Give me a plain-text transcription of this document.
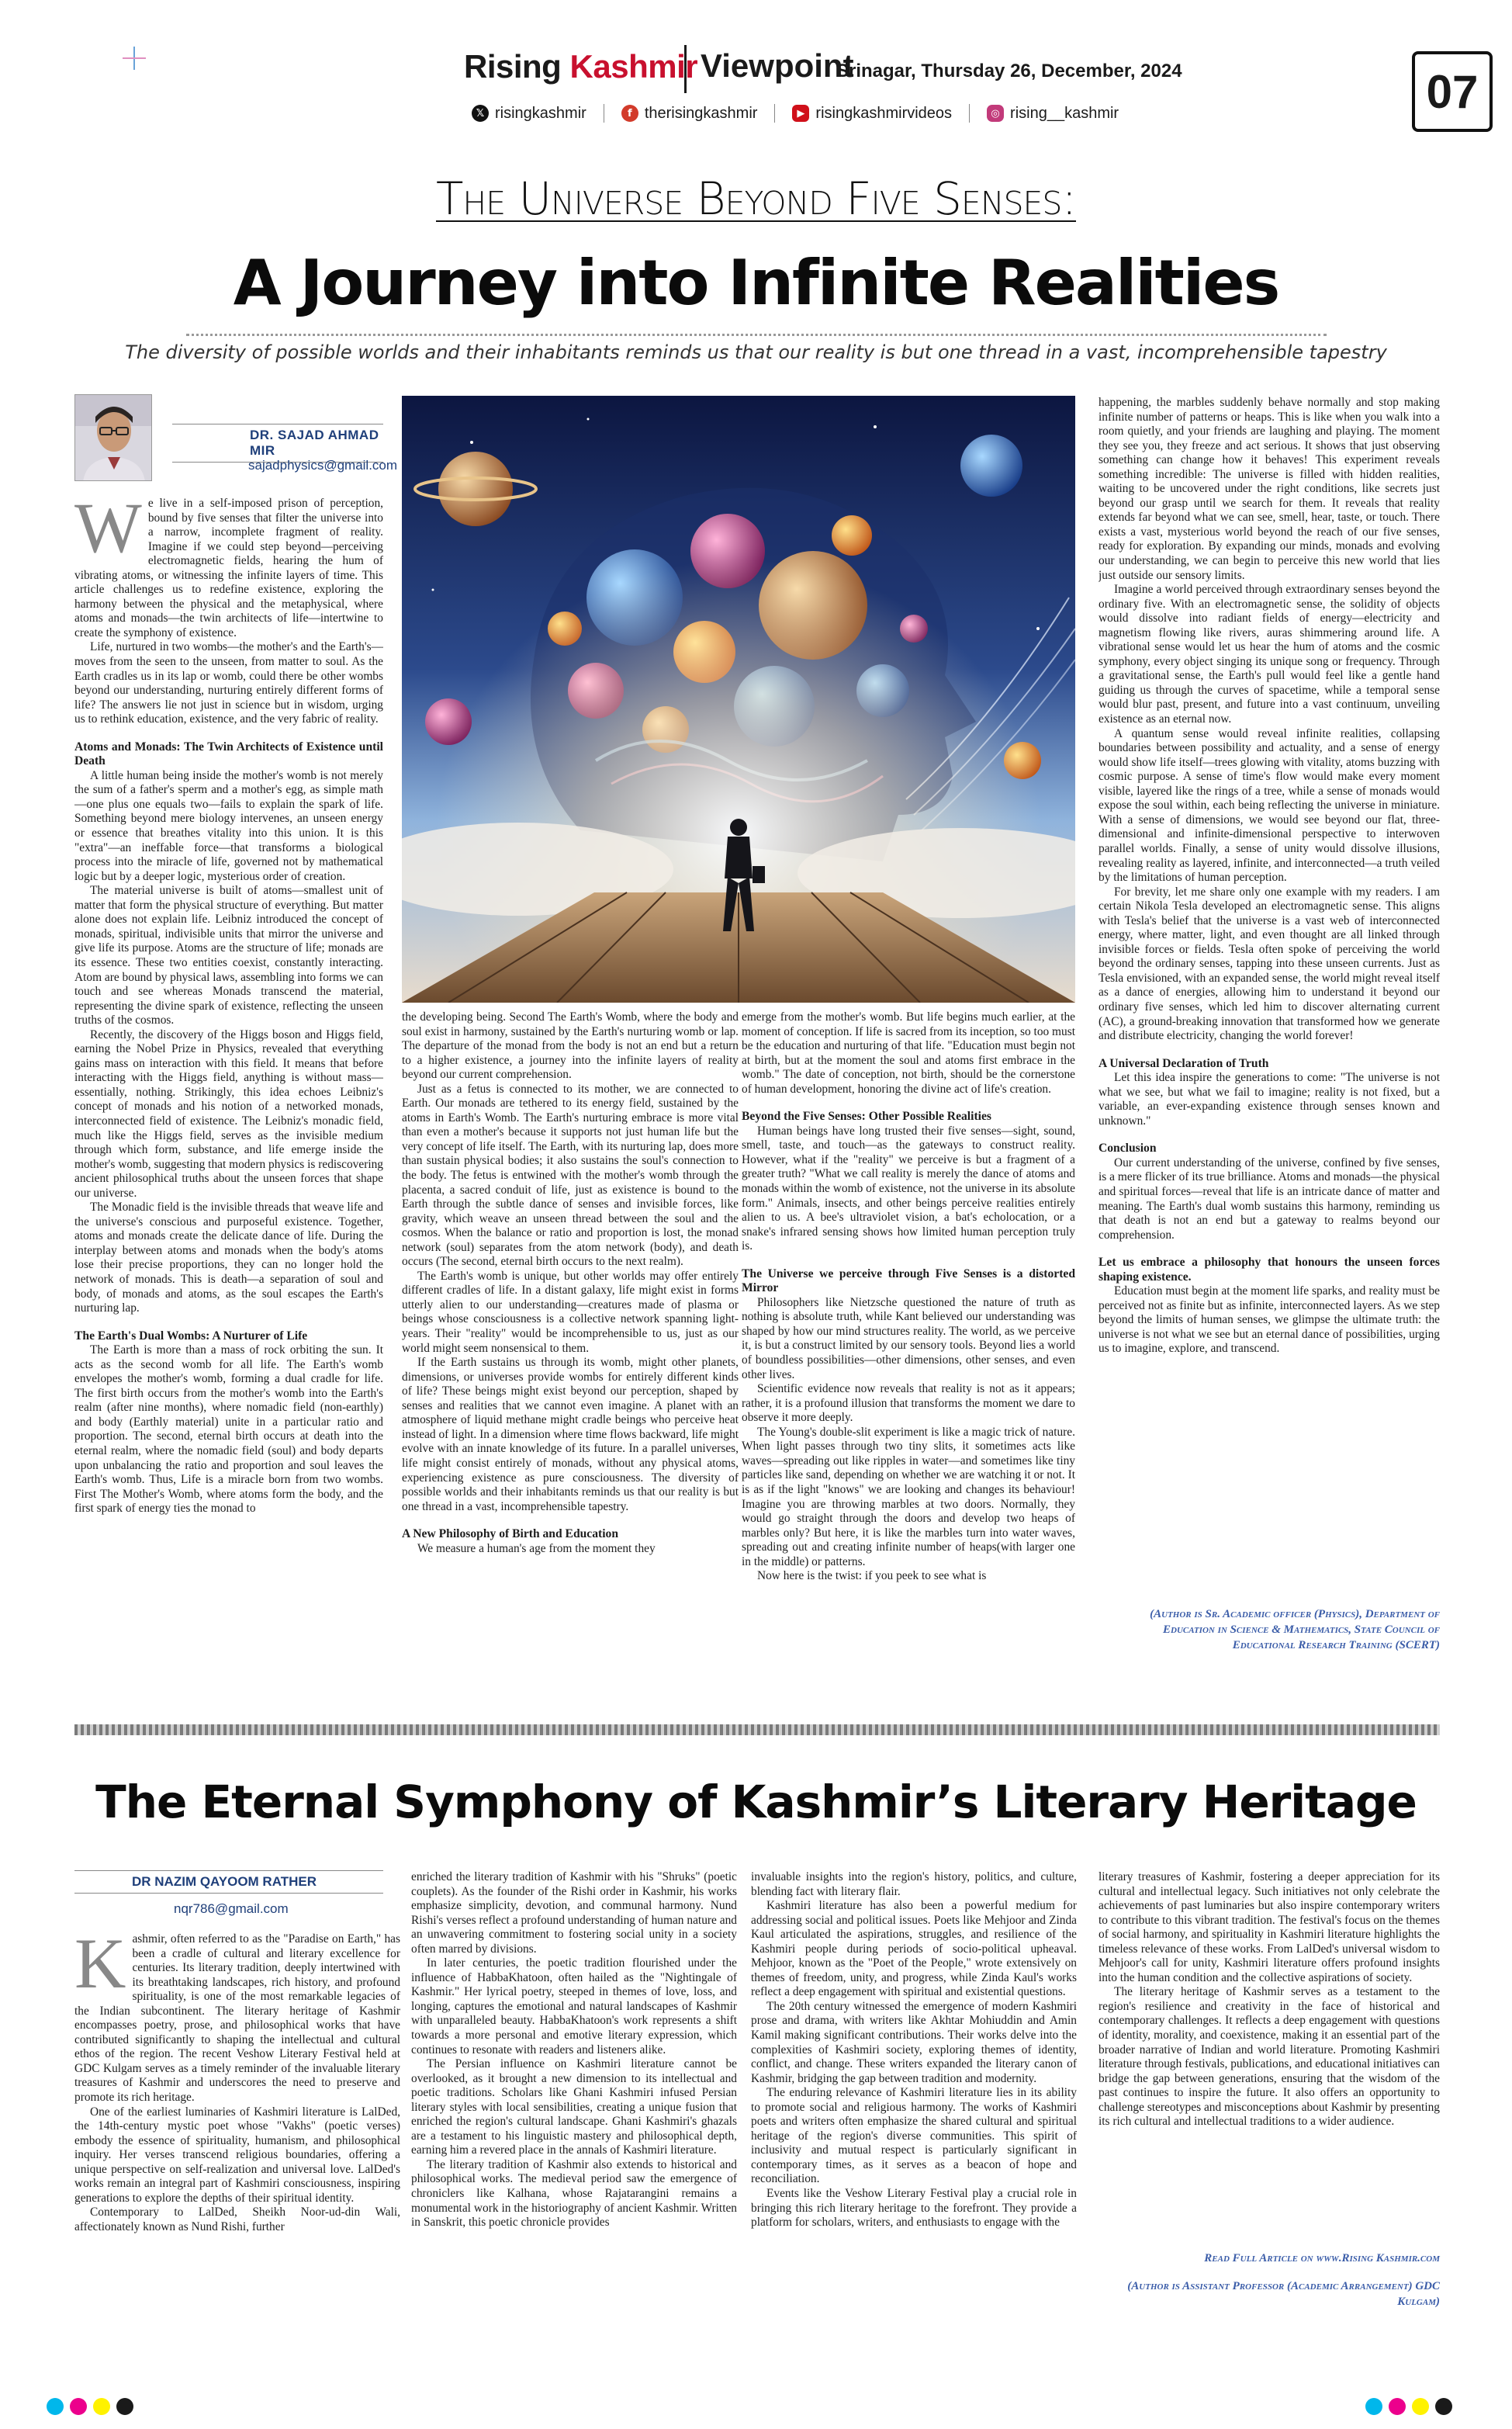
Rising Kashmir Viewpoint
Srinagar, Thursday 26, December, 2024
𝕏 risingkashmir	f therisingkashmir	▶ risingkashmirvideos	◎ rising__kashmir	07
The Universe Beyond Five Senses:
A Journey into Infinite Realities
The diversity of possible worlds and their inhabitants reminds us that our reality is but one thread in a vast, incomprehensible tapestry
DR. SAJAD AHMAD MIR
sajadphysics@gmail.com

We live in a self-imposed prison of perception, bound by five senses that filter the universe into a narrow, incomplete fragment of reality. Imagine if we could step beyond—perceiving electromagnetic fields, hearing the hum of vibrating atoms, or witnessing the infinite layers of time. This article challenges us to redefine existence, exploring the harmony between the physical and the metaphysical, where atoms and monads—the twin architects of life—intertwine to create the symphony of existence.

Life, nurtured in two wombs—the mother's and the Earth's—moves from the seen to the unseen, from matter to soul. As the Earth cradles us in its lap or womb, could there be other wombs beyond our understanding, nurturing entirely different forms of life? The answers lie not just in science but in wisdom, urging us to rethink education, existence, and the very fabric of reality.

Atoms and Monads: The Twin Architects of Existence until Death

A little human being inside the mother's womb is not merely the sum of a father's sperm and a mother's egg, as simple math—one plus one equals two—fails to explain the spark of life. Something beyond mere biology intervenes, an unseen energy or essence that breathes vitality into this union. It is this "extra"—an ineffable force—that transforms a biological process into the miracle of life, governed not by mathematical logic but by a deeper logic, mysterious order of creation.

The material universe is built of atoms—smallest unit of matter that form the physical structure of everything. But matter alone does not explain life. Leibniz introduced the concept of monads, spiritual, indivisible units that mirror the universe and give life its purpose. Atoms are the structure of life; monads are its essence. These two entities coexist, constantly interacting. Atom are bound by physical laws, assembling into forms we can touch and see whereas Monads transcend the material, representing the divine spark of existence, reflecting the unseen truths of the cosmos.

Recently, the discovery of the Higgs boson and Higgs field, earning the Nobel Prize in Physics, revealed that everything gains mass on interaction with this field. It means that before interacting with the Higgs field, anything is without mass—essentially, nothing. Strikingly, this idea echoes Leibniz's concept of monads and his notion of a networked monads, interconnected field of existence. The Leibniz's monadic field, much like the Higgs field, serves as the invisible medium through which form, substance, and life emerge inside the mother's womb, suggesting that modern physics is rediscovering ancient philosophical truths about the unseen forces that shape our universe.

The Monadic field is the invisible threads that weave life and the universe's conscious and purposeful existence. Together, atoms and monads create the delicate dance of life. During the interplay between atoms and monads when the body's atoms lose their precise proportions, they can no longer hold the network of monads. This is death—a separation of soul and body, of monads and atoms, as the soul escapes the Earth's nurturing lap.

The Earth's Dual Wombs: A Nurturer of Life

The Earth is more than a mass of rock orbiting the sun. It acts as the second womb for all life. The Earth's womb envelopes the mother's womb, forming a dual cradle for life. The first birth occurs from the mother's womb into the Earth's realm (after nine months), where nomadic field (non-earthly) and body (Earthly material) unite in a particular ratio and proportion. The second, eternal birth occurs at death into the eternal realm, where the nomadic field (soul) and body departs upon unbalancing the ratio and proportion and soul leaves the Earth's womb. Thus, Life is a miracle born from two wombs. First The Mother's Womb, where atoms form the body, and the first spark of energy ties the monad to

the developing being. Second The Earth's Womb, where the body and soul exist in harmony, sustained by the Earth's nurturing womb or lap. The departure of the monad from the body is not an end but a return to a higher existence, a journey into the infinite layers of reality beyond our current comprehension.

Just as a fetus is connected to its mother, we are connected to Earth. Our monads are tethered to its energy field, sustained by the atoms in Earth's Womb. The Earth's nurturing embrace is more vital than even a mother's because it supports not just human life but the very concept of life itself. The Earth, with its nurturing lap, does more than sustain physical bodies; it also sustains the soul's connection to the body. The fetus is entwined with the mother's womb through the placenta, a sacred conduit of life, just as existence is bound to the Earth through the subtle dance of senses and invisible forces, like gravity, which weave an unseen thread between the soul and the cosmos. When the balance or ratio and proportion is lost, the monad network (soul) separates from the atom network (body), and death occurs (The second, eternal birth occurs to the next realm).

The Earth's womb is unique, but other worlds may offer entirely different cradles of life. In a distant galaxy, life might exist in forms utterly alien to our understanding—creatures made of plasma or beings whose consciousness is a collective network spanning light-years. Their "reality" would be incomprehensible to us, just as our world might seem nonsensical to them.

If the Earth sustains us through its womb, might other planets, dimensions, or universes provide wombs for entirely different kinds of life? These beings might exist beyond our perception, shaped by senses and realities that we cannot even imagine. A planet with an atmosphere of liquid methane might cradle beings who perceive heat instead of light. In a dimension where time flows backward, life might evolve with an innate knowledge of its future. In a parallel universes, life might consist entirely of monads, without any physical atoms, experiencing existence as pure consciousness. The diversity of possible worlds and their inhabitants reminds us that our reality is but one thread in a vast, incomprehensible tapestry.

A New Philosophy of Birth and Education

We measure a human's age from the moment they

emerge from the mother's womb. But life begins much earlier, at the moment of conception. If life is sacred from its inception, so too must be the education and nurturing of that life. "Education must begin not at birth, but at the moment the soul and atoms first embrace in the womb." The date of conception, not birth, should be the cornerstone of human development, honoring the divine act of life's creation.

Beyond the Five Senses: Other Possible Realities

Human beings have long trusted their five senses—sight, sound, smell, taste, and touch—as the gateways to construct reality. However, what if the "reality" we perceive is but a fragment of a greater truth? "What we call reality is merely the dance of atoms and monads within the womb of existence, not the universe in its absolute form." Animals, insects, and other beings perceive realities entirely alien to us. A bee's ultraviolet vision, a bat's echolocation, or a snake's infrared sensing shows how limited human perception truly is.

The Universe we perceive through Five Senses is a distorted Mirror

Philosophers like Nietzsche questioned the nature of truth as nothing is absolute truth, while Kant believed our understanding was shaped by how our mind structures reality. The world, as we perceive it, is but a construct limited by our sensory tools. Beyond lies a world of boundless possibilities—other dimensions, other senses, and even other lives.

Scientific evidence now reveals that reality is not as it appears; rather, it is a profound illusion that transforms the moment we dare to observe it more deeply.

The Young's double-slit experiment is like a magic trick of nature. When light passes through two tiny slits, it sometimes acts like waves—spreading out like ripples in water—and sometimes like tiny particles like sand, depending on whether we are watching it or not. It is as if the light "knows" we are looking and changes its behaviour! Imagine you are throwing marbles at two doors. Normally, they would go straight through the doors and develop two heaps of marbles only? But here, it is like the marbles turn into water waves, spreading out and creating infinite number of heaps(with larger one in the middle) or patterns.

Now here is the twist: if you peek to see what is

happening, the marbles suddenly behave normally and stop making infinite number of patterns or heaps. This is like when you walk into a room quietly, and your friends are laughing and playing. The moment they see you, they freeze and act serious. It shows that just observing something can change how it behaves! This experiment reveals something incredible: The universe is filled with hidden realities, waiting to be uncovered under the right conditions, like secrets just beyond our grasp until we search for them. It reveals that reality extends far beyond what we can see, smell, hear, taste, or touch. There exists a vast, mysterious world beyond the reach of our five senses, ready for exploration. By expanding our minds, monads and evolving our understanding, we can begin to perceive this new world that lies just outside our sensory limits.

Imagine a world perceived through extraordinary senses beyond the ordinary five. With an electromagnetic sense, the solidity of objects would dissolve into radiant fields of energy—electricity and magnetism flowing like rivers, auras shimmering around life. A vibrational sense would let us hear the hum of atoms and the cosmic symphony, every object singing its unique song or frequency. Through a gravitational sense, the Earth's pull would feel like a gentle hand guiding us through the curves of spacetime, while a temporal sense would blur past, present, and future into a vast continuum, unveiling existence as an eternal now.

A quantum sense would reveal infinite realities, collapsing boundaries between possibility and actuality, and a sense of energy would show life itself—trees glowing with vitality, atoms buzzing with cosmic purpose. A sense of time's flow would make every moment visible, layered like the rings of a tree, while a sense of monads would expose the soul within, each being reflecting the universe in miniature. With a sense of dimensions, we would see beyond our flat, three-dimensional and infinite-dimensional perspective to interwoven parallel worlds. Finally, a sense of unity would dissolve illusions, revealing reality as layered, infinite, and interconnected—a truth veiled by the limitations of human perception.

For brevity, let me share only one example with my readers. I am certain Nikola Tesla developed an electromagnetic sense. This aligns with Tesla's belief that the universe is a vast web of interconnected energy, where matter, light, and even thought are all linked through invisible forces or fields. Tesla often spoke of perceiving the world beyond the ordinary senses, tapping into these unseen currents. Just as Tesla envisioned, with an expanded sense, the world might reveal itself as a dance of energies, allowing him to understand it beyond our ordinary five senses, which led him to discover alternating current (AC), a ground-breaking innovation that transformed how we generate and distribute electricity, changing the world forever!

A Universal Declaration of Truth

Let this idea inspire the generations to come: "The universe is not what we see, but what we fail to imagine; reality is not fixed, but a variable, an ever-expanding existence through senses known and unknown."

Conclusion

Our current understanding of the universe, confined by five senses, is a mere flicker of its true brilliance. Atoms and monads—the physical and spiritual forces—reveal that life is an intricate dance of matter and meaning. The Earth's dual womb sustains this harmony, reminding us that death is not an end but a gateway to realms beyond our comprehension.

Let us embrace a philosophy that honours the unseen forces shaping existence.

Education must begin at the moment life sparks, and reality must be perceived not as finite but as infinite, interconnected layers. As we step beyond the limits of human senses, we glimpse the ultimate truth: the universe is not what we see but an eternal dance of possibilities, urging us to imagine, explore, and transcend.

(Author is Sr. Academic officer (Physics), Department of Education in Science & Mathematics, State Council of Educational Research Training (SCERT)
The Eternal Symphony of Kashmir’s Literary Heritage
DR NAZIM QAYOOM RATHER
nqr786@gmail.com

Kashmir, often referred to as the "Paradise on Earth," has been a cradle of cultural and literary excellence for centuries. Its literary tradition, deeply intertwined with its breathtaking landscapes, rich history, and profound spirituality, is one of the most remarkable legacies of the Indian subcontinent. The literary heritage of Kashmir encompasses poetry, prose, and philosophical works that have contributed significantly to shaping the intellectual and cultural ethos of the region. The recent Veshow Literary Festival held at GDC Kulgam serves as a timely reminder of the invaluable literary treasures of Kashmir and underscores the need to preserve and promote its rich heritage.

One of the earliest luminaries of Kashmiri literature is LalDed, the 14th-century mystic poet whose "Vakhs" (poetic verses) embody the essence of spirituality, humanism, and philosophical inquiry. Her verses transcend religious boundaries, offering a unique perspective on self-realization and universal love. LalDed's works remain an integral part of Kashmiri consciousness, inspiring generations to explore the depths of their spiritual identity.

Contemporary to LalDed, Sheikh Noor-ud-din Wali, affectionately known as Nund Rishi, further

enriched the literary tradition of Kashmir with his "Shruks" (poetic couplets). As the founder of the Rishi order in Kashmir, his works emphasize simplicity, devotion, and communal harmony. Nund Rishi's verses reflect a profound understanding of human nature and an unwavering commitment to fostering social unity in a society often marred by divisions.

In later centuries, the poetic tradition flourished under the influence of HabbaKhatoon, often hailed as the "Nightingale of Kashmir." Her lyrical poetry, steeped in themes of love, loss, and longing, captures the emotional and natural landscapes of Kashmir with unparalleled beauty. HabbaKhatoon's work represents a shift towards a more personal and emotive literary expression, which continues to resonate with readers and listeners alike.

The Persian influence on Kashmiri literature cannot be overlooked, as it brought a new dimension to its intellectual and poetic traditions. Scholars like Ghani Kashmiri infused Persian literary styles with local sensibilities, creating a unique fusion that enriched the region's cultural landscape. Ghani Kashmiri's ghazals are a testament to his linguistic mastery and philosophical depth, earning him a revered place in the annals of Kashmiri literature.

The literary tradition of Kashmir also extends to historical and philosophical works. The medieval period saw the emergence of chroniclers like Kalhana, whose Rajatarangini remains a monumental work in the historiography of ancient Kashmir. Written in Sanskrit, this poetic chronicle provides

invaluable insights into the region's history, politics, and culture, blending fact with literary flair.

Kashmiri literature has also been a powerful medium for addressing social and political issues. Poets like Mehjoor and Zinda Kaul articulated the aspirations, struggles, and resilience of the Kashmiri people during periods of socio-political upheaval. Mehjoor, known as the "Poet of the People," wrote extensively on themes of freedom, unity, and progress, while Zinda Kaul's works reflect a deep engagement with spiritual and existential questions.

The 20th century witnessed the emergence of modern Kashmiri prose and drama, with writers like Akhtar Mohiuddin and Amin Kamil making significant contributions. Their works delve into the complexities of Kashmiri society, exploring themes of identity, conflict, and change. These writers expanded the literary canon of Kashmir, bridging the gap between tradition and modernity.

The enduring relevance of Kashmiri literature lies in its ability to promote social and religious harmony. The works of Kashmiri poets and writers often emphasize the shared cultural and spiritual heritage of the region's diverse communities. This spirit of inclusivity and mutual respect is particularly significant in contemporary times, as it serves as a beacon of hope and reconciliation.

Events like the Veshow Literary Festival play a crucial role in bringing this rich literary heritage to the forefront. They provide a platform for scholars, writers, and enthusiasts to engage with the

literary treasures of Kashmir, fostering a deeper appreciation for its cultural and intellectual legacy. Such initiatives not only celebrate the achievements of past luminaries but also inspire contemporary writers to contribute to this vibrant tradition. The festival's focus on the themes of social harmony, and spirituality in Kashmiri literature highlights the timeless relevance of these works. From LalDed's universal wisdom to Mehjoor's call for unity, Kashmiri literature offers profound insights into the human condition and the collective aspirations of society.

The literary heritage of Kashmir serves as a testament to the region's resilience and creativity in the face of historical and contemporary challenges. It reflects a deep engagement with questions of identity, morality, and coexistence, making it an essential part of the broader narrative of Indian and world literature. Promoting Kashmiri literature through festivals, publications, and educational initiatives can bridge the gap between generations, ensuring that the wisdom of the past continues to inspire the future. It also offers an opportunity to challenge stereotypes and misconceptions about Kashmir by presenting its rich cultural and intellectual traditions to a wider audience.

Read Full Article on www.Rising Kashmir.com
(Author is Assistant Professor (Academic Arrangement) GDC Kulgam)
